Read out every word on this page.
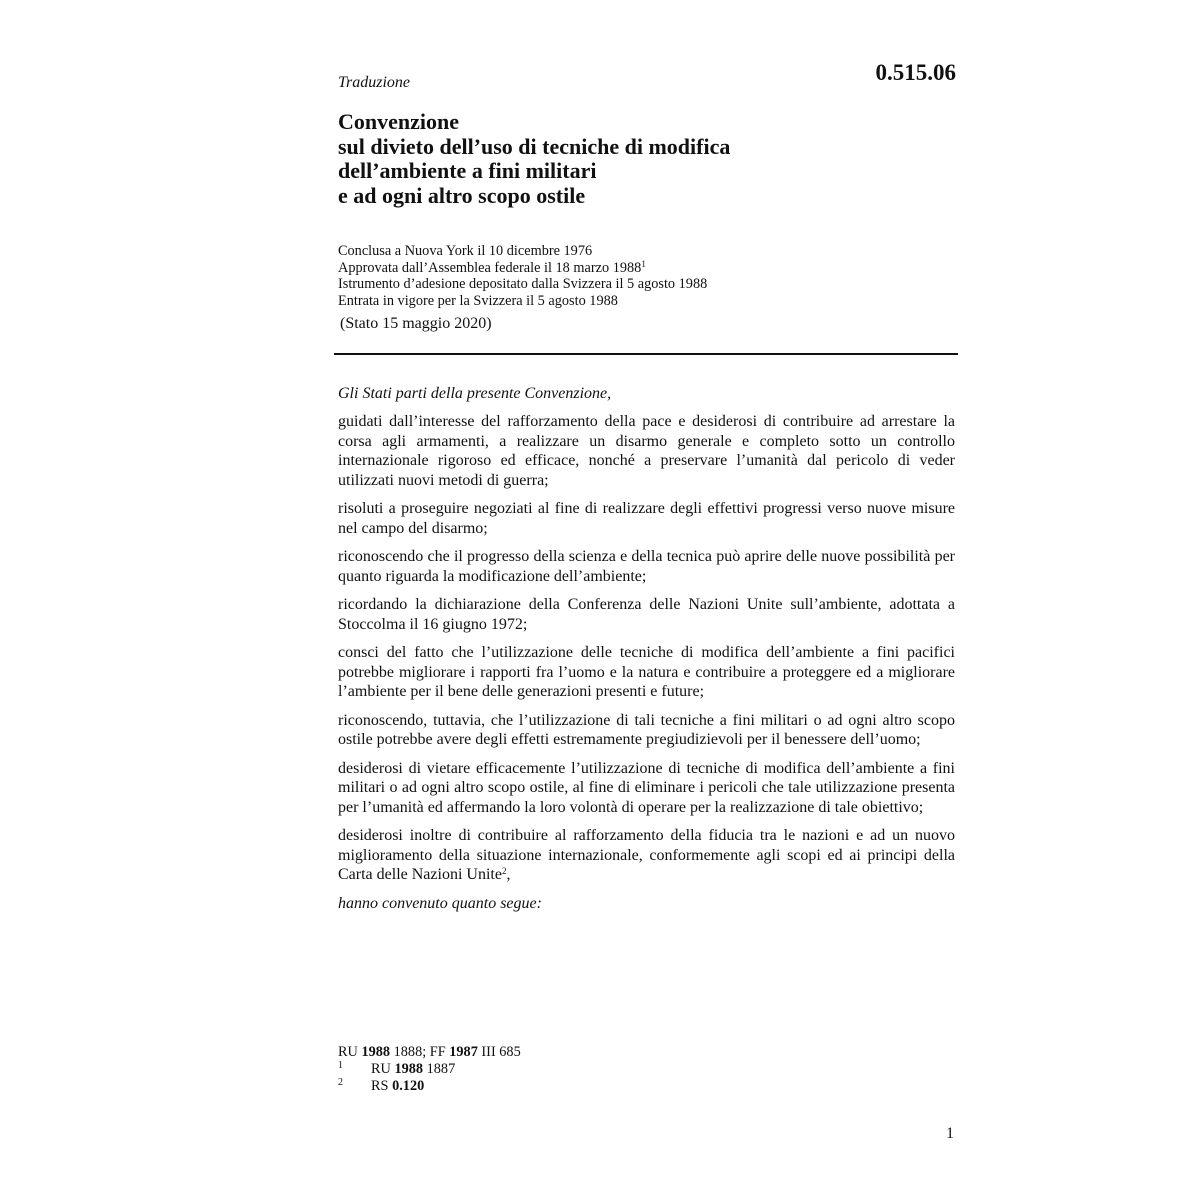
Traduzione	0.515.06
Convenzione
sul divieto dell’uso di tecniche di modifica
dell’ambiente a fini militari
e ad ogni altro scopo ostile
Conclusa a Nuova York il 10 dicembre 1976
Approvata dall’Assemblea federale il 18 marzo 1988$^1$
Istrumento d’adesione depositato dalla Svizzera il 5 agosto 1988
Entrata in vigore per la Svizzera il 5 agosto 1988
(Stato 15 maggio 2020)
Gli Stati parti della presente Convenzione,

guidati dall’interesse del rafforzamento della pace e desiderosi di contribuire ad arrestare la corsa agli armamenti, a realizzare un disarmo generale e completo sotto un controllo internazionale rigoroso ed efficace, nonché a preservare l’umanità dal pericolo di veder utilizzati nuovi metodi di guerra;

risoluti a proseguire negoziati al fine di realizzare degli effettivi progressi verso nuove misure nel campo del disarmo;

riconoscendo che il progresso della scienza e della tecnica può aprire delle nuove possibilità per quanto riguarda la modificazione dell’ambiente;

ricordando la dichiarazione della Conferenza delle Nazioni Unite sull’ambiente, adottata a Stoccolma il 16 giugno 1972;

consci del fatto che l’utilizzazione delle tecniche di modifica dell’ambiente a fini pacifici potrebbe migliorare i rapporti fra l’uomo e la natura e contribuire a proteggere ed a migliorare l’ambiente per il bene delle generazioni presenti e future;

riconoscendo, tuttavia, che l’utilizzazione di tali tecniche a fini militari o ad ogni altro scopo ostile potrebbe avere degli effetti estremamente pregiudizievoli per il benessere dell’uomo;

desiderosi di vietare efficacemente l’utilizzazione di tecniche di modifica dell’ambiente a fini militari o ad ogni altro scopo ostile, al fine di eliminare i pericoli che tale utilizzazione presenta per l’umanità ed affermando la loro volontà di operare per la realizzazione di tale obiettivo;

desiderosi inoltre di contribuire al rafforzamento della fiducia tra le nazioni e ad un nuovo miglioramento della situazione internazionale, conformemente agli scopi ed ai principi della Carta delle Nazioni Unite$^2$,

hanno convenuto quanto segue:

RU 1988 1888; FF 1987 III 685
1	RU 1988 1887
2	RS 0.120
1
